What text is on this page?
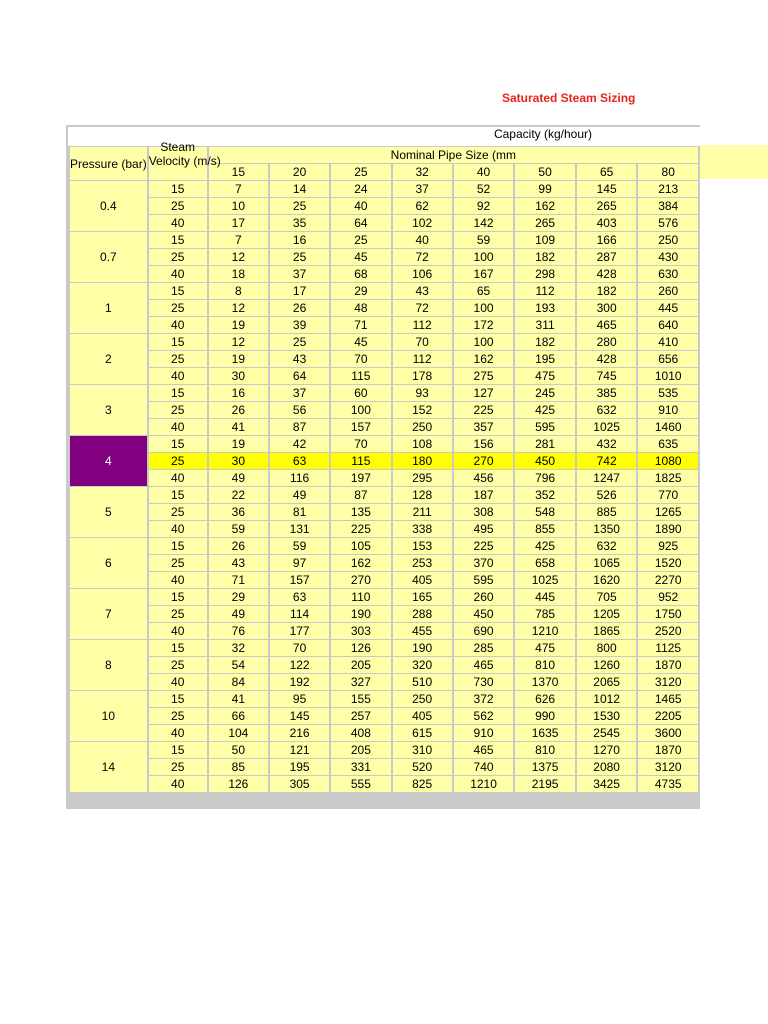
Saturated Steam Sizing
Pressure (bar)	Steam
Velocity (m/s)	Nominal Pipe Size (mm							
		15	20	25	32	40	50	65	80
0.4	15	7	14	24	37	52	99	145	213
	25	10	25	40	62	92	162	265	384
	40	17	35	64	102	142	265	403	576
0.7	15	7	16	25	40	59	109	166	250
	25	12	25	45	72	100	182	287	430
	40	18	37	68	106	167	298	428	630
1	15	8	17	29	43	65	112	182	260
	25	12	26	48	72	100	193	300	445
	40	19	39	71	112	172	311	465	640
2	15	12	25	45	70	100	182	280	410
	25	19	43	70	112	162	195	428	656
	40	30	64	115	178	275	475	745	1010
3	15	16	37	60	93	127	245	385	535
	25	26	56	100	152	225	425	632	910
	40	41	87	157	250	357	595	1025	1460
4	15	19	42	70	108	156	281	432	635
	25	30	63	115	180	270	450	742	1080
	40	49	116	197	295	456	796	1247	1825
5	15	22	49	87	128	187	352	526	770
	25	36	81	135	211	308	548	885	1265
	40	59	131	225	338	495	855	1350	1890
6	15	26	59	105	153	225	425	632	925
	25	43	97	162	253	370	658	1065	1520
	40	71	157	270	405	595	1025	1620	2270
7	15	29	63	110	165	260	445	705	952
	25	49	114	190	288	450	785	1205	1750
	40	76	177	303	455	690	1210	1865	2520
8	15	32	70	126	190	285	475	800	1125
	25	54	122	205	320	465	810	1260	1870
	40	84	192	327	510	730	1370	2065	3120
10	15	41	95	155	250	372	626	1012	1465
	25	66	145	257	405	562	990	1530	2205
	40	104	216	408	615	910	1635	2545	3600
14	15	50	121	205	310	465	810	1270	1870
	25	85	195	331	520	740	1375	2080	3120
	40	126	305	555	825	1210	2195	3425	4735
Capacity (kg/hour)
